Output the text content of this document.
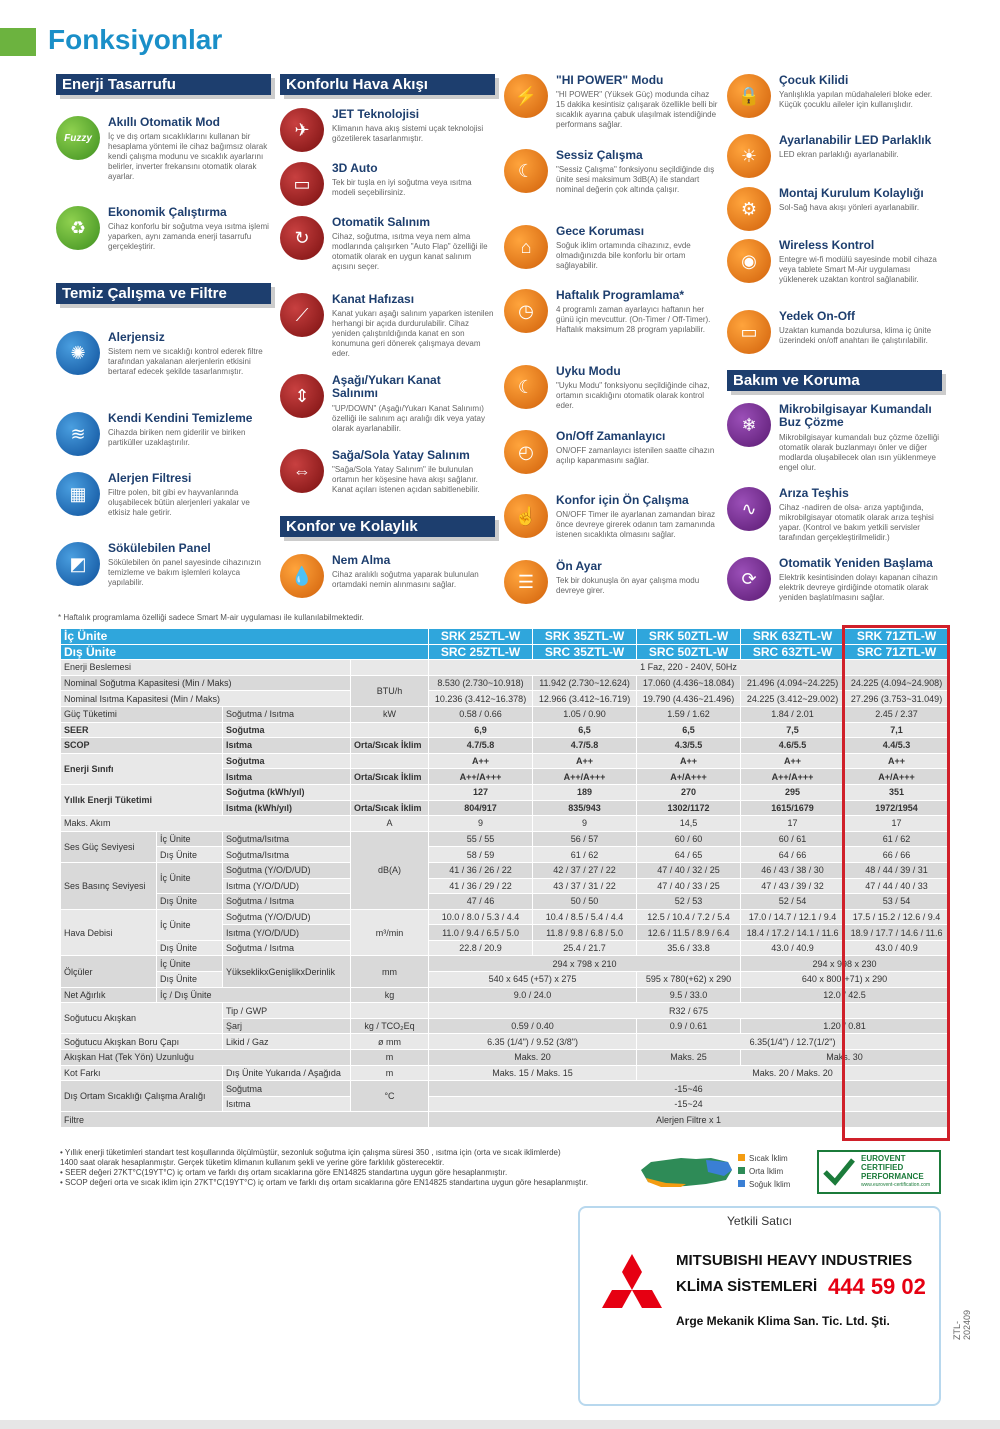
Fonksiyonlar
Enerji Tasarrufu
Fuzzy
Akıllı Otomatik Mod
İç ve dış ortam sıcaklıklarını kullanan bir hesaplama yöntemi ile cihaz bağımsız olarak kendi çalışma modunu ve sıcaklık ayarlarını belirler, inverter frekansını otomatik olarak ayarlar.
♻
Ekonomik Çalıştırma
Cihaz konforlu bir soğutma veya ısıtma işlemi yaparken, aynı zamanda enerji tasarrufu gerçekleştirir.
Temiz Çalışma ve Filtre
✺
Alerjensiz
Sistem nem ve sıcaklığı kontrol ederek filtre tarafından yakalanan alerjenlerin etkisini bertaraf edecek şekilde tasarlanmıştır.
≋
Kendi Kendini Temizleme
Cihazda biriken nem giderilir ve biriken partiküller uzaklaştırılır.
▦
Alerjen Filtresi
Filtre polen, bit gibi ev hayvanlarında oluşabilecek bütün alerjenleri yakalar ve etkisiz hale getirir.
◩
Sökülebilen Panel
Sökülebilen ön panel sayesinde cihazınızın temizleme ve bakım işlemleri kolayca yapılabilir.
Konforlu Hava Akışı
✈
JET Teknolojisi
Klimanın hava akış sistemi uçak teknolojisi gözetilerek tasarlanmıştır.
▭
3D Auto
Tek bir tuşla en iyi soğutma veya ısıtma modeli seçebilirsiniz.
↻
Otomatik Salınım
Cihaz, soğutma, ısıtma veya nem alma modlarında çalışırken "Auto Flap" özelliği ile otomatik olarak en uygun kanat salınım açısını seçer.
⟋
Kanat Hafızası
Kanat yukarı aşağı salınım yaparken istenilen herhangi bir açıda durdurulabilir. Cihaz yeniden çalıştırıldığında kanat en son konumuna geri dönerek çalışmaya devam eder.
⇕
Aşağı/Yukarı Kanat Salınımı
"UP/DOWN" (Aşağı/Yukarı Kanat Salınımı) özelliği ile salınım açı aralığı dik veya yatay olarak ayarlanabilir.
⇔
Sağa/Sola Yatay Salınım
"Sağa/Sola Yatay Salınım" ile bulunulan ortamın her köşesine hava akışı sağlanır. Kanat açıları istenen açıdan sabitlenebilir.
Konfor ve Kolaylık
💧
Nem Alma
Cihaz aralıklı soğutma yaparak bulunulan ortamdaki nemin alınmasını sağlar.
⚡
"HI POWER" Modu
"HI POWER" (Yüksek Güç) modunda cihaz 15 dakika kesintisiz çalışarak özellikle belli bir sıcaklık ayarına çabuk ulaşılmak istendiğinde performans sağlar.
☾
Sessiz Çalışma
"Sessiz Çalışma" fonksiyonu seçildiğinde dış ünite sesi maksimum 3dB(A) ile standart nominal değerin çok altında çalışır.
⌂
Gece Koruması
Soğuk iklim ortamında cihazınız, evde olmadığınızda bile konforlu bir ortam sağlayabilir.
◷
Haftalık Programlama*
4 programlı zaman ayarlayıcı haftanın her günü için mevcuttur. (On-Timer / Off-Timer). Haftalık maksimum 28 program yapılabilir.
☾
Uyku Modu
"Uyku Modu" fonksiyonu seçildiğinde cihaz, ortamın sıcaklığını otomatik olarak kontrol eder.
◴
On/Off Zamanlayıcı
ON/OFF zamanlayıcı istenilen saatte cihazın açılıp kapanmasını sağlar.
☝
Konfor için Ön Çalışma
ON/OFF Timer ile ayarlanan zamandan biraz önce devreye girerek odanın tam zamanında istenen sıcaklıkta olmasını sağlar.
☰
Ön Ayar
Tek bir dokunuşla ön ayar çalışma modu devreye girer.
🔒
Çocuk Kilidi
Yanlışlıkla yapılan müdahaleleri bloke eder. Küçük çocuklu aileler için kullanışlıdır.
☀
Ayarlanabilir LED Parlaklık
LED ekran parlaklığı ayarlanabilir.
⚙
Montaj Kurulum Kolaylığı
Sol-Sağ hava akışı yönleri ayarlanabilir.
◉
Wireless Kontrol
Entegre wi-fi modülü sayesinde mobil cihaza veya tablete Smart M-Air uygulaması yüklenerek uzaktan kontrol sağlanabilir.
▭
Yedek On-Off
Uzaktan kumanda bozulursa, klima iç ünite üzerindeki on/off anahtarı ile çalıştırılabilir.
Bakım ve Koruma
❄
Mikrobilgisayar Kumandalı Buz Çözme
Mikrobilgisayar kumandalı buz çözme özelliği otomatik olarak buzlanmayı önler ve diğer modlarda oluşabilecek olan ısın yüklenmeye engel olur.
∿
Arıza Teşhis
Cihaz -nadiren de olsa- arıza yaptığında, mikrobilgisayar otomatik olarak arıza teşhisi yapar. (Kontrol ve bakım yetkili servisler tarafından gerçekleştirilmelidir.)
⟳
Otomatik Yeniden Başlama
Elektrik kesintisinden dolayı kapanan cihazın elektrik devreye girdiğinde otomatik olarak yeniden başlatılmasını sağlar.
* Haftalık programlama özelliği sadece Smart M-air uygulaması ile kullanılabilmektedir.
İç Ünite				SRK 25ZTL-W	SRK 35ZTL-W	SRK 50ZTL-W	SRK 63ZTL-W	SRK 71ZTL-W
Dış Ünite				SRC 25ZTL-W	SRC 35ZTL-W	SRC 50ZTL-W	SRC 63ZTL-W	SRC 71ZTL-W
Enerji Beslemesi				1 Faz, 220 - 240V, 50Hz				
Nominal Soğutma Kapasitesi (Min / Maks)			BTU/h	8.530 (2.730~10.918)	11.942 (2.730~12.624)	17.060 (4.436~18.084)	21.496 (4.094~24.225)	24.225 (4.094~24.908)
Nominal Isıtma Kapasitesi (Min / Maks)				10.236 (3.412~16.378)	12.966 (3.412~16.719)	19.790 (4.436~21.496)	24.225 (3.412~29.002)	27.296 (3.753~31.049)
Güç Tüketimi		Soğutma / Isıtma	kW	0.58 / 0.66	1.05 / 0.90	1.59 / 1.62	1.84 / 2.01	2.45 / 2.37
SEER		Soğutma		6,9	6,5	6,5	7,5	7,1
SCOP		Isıtma	Orta/Sıcak İklim	4.7/5.8	4.7/5.8	4.3/5.5	4.6/5.5	4.4/5.3
Enerji Sınıfı		Soğutma		A++	A++	A++	A++	A++
		Isıtma	Orta/Sıcak İklim	A++/A+++	A++/A+++	A+/A+++	A++/A+++	A+/A+++
Yıllık Enerji Tüketimi		Soğutma (kWh/yıl)		127	189	270	295	351
		Isıtma (kWh/yıl)	Orta/Sıcak İklim	804/917	835/943	1302/1172	1615/1679	1972/1954
Maks. Akım			A	9	9	14,5	17	17
Ses Güç Seviyesi	İç Ünite	Soğutma/Isıtma	dB(A)	55 / 55	56 / 57	60 / 60	60 / 61	61 / 62
	Dış Ünite	Soğutma/Isıtma		58 / 59	61 / 62	64 / 65	64 / 66	66 / 66
Ses Basınç Seviyesi	İç Ünite	Soğutma (Y/O/D/UD)		41 / 36 / 26 / 22	42 / 37 / 27 / 22	47 / 40 / 32 / 25	46 / 43 / 38 / 30	48 / 44 / 39 / 31
		Isıtma (Y/O/D/UD)		41 / 36 / 29 / 22	43 / 37 / 31 / 22	47 / 40 / 33 / 25	47 / 43 / 39 / 32	47 / 44 / 40 / 33
	Dış Ünite	Soğutma / Isıtma		47 / 46	50 / 50	52 / 53	52 / 54	53 / 54
Hava Debisi	İç Ünite	Soğutma (Y/O/D/UD)	m³/min	10.0 / 8.0 / 5.3 / 4.4	10.4 / 8.5 / 5.4 / 4.4	12.5 / 10.4 / 7.2 / 5.4	17.0 / 14.7 / 12.1 / 9.4	17.5 / 15.2 / 12.6 / 9.4
		Isıtma (Y/O/D/UD)		11.0 / 9.4 / 6.5 / 5.0	11.8 / 9.8 / 6.8 / 5.0	12.6 / 11.5 / 8.9 / 6.4	18.4 / 17.2 / 14.1 / 11.6	18.9 / 17.7 / 14.6 / 11.6
	Dış Ünite	Soğutma / Isıtma		22.8 / 20.9	25.4 / 21.7	35.6 / 33.8	43.0 / 40.9	43.0 / 40.9
Ölçüler	İç Ünite	YükseklikxGenişlikxDerinlik	mm	294 x 798 x 210			294 x 998 x 230	
	Dış Ünite			540 x 645 (+57) x 275		595 x 780(+62) x 290	640 x 800(+71) x 290	
Net Ağırlık	İç / Dış Ünite		kg	9.0 / 24.0		9.5 / 33.0	12.0 / 42.5	
Soğutucu Akışkan		Tip / GWP		R32 / 675				
		Şarj	kg / TCO₂Eq	0.59 / 0.40		0.9 / 0.61	1.20 / 0.81	
Soğutucu Akışkan Boru Çapı		Likid / Gaz	ø mm	6.35 (1/4") / 9.52 (3/8")		6.35(1/4") / 12.7(1/2")		
Akışkan Hat (Tek Yön) Uzunluğu			m	Maks. 20		Maks. 25	Maks. 30	
Kot Farkı		Dış Ünite Yukarıda / Aşağıda	m	Maks. 15 / Maks. 15		Maks. 20 / Maks. 20		
Dış Ortam Sıcaklığı Çalışma Aralığı		Soğutma	°C	-15~46				
		Isıtma		-15~24				
Filtre				Alerjen Filtre x 1				
• Yıllık enerji tüketimleri standart test koşullarında ölçülmüştür, sezonluk soğutma için çalışma süresi 350 , ısıtma için (orta ve sıcak iklimlerde)
1400 saat olarak hesaplanmıştır. Gerçek tüketim klimanın kullanım şekli ve yerine göre farklılık gösterecektir.
• SEER değeri 27KT°C(19YT°C) iç ortam ve farklı dış ortam sıcaklarına göre EN14825 standartına uygun göre hesaplanmıştır.
• SCOP değeri orta ve sıcak iklim için 27KT°C(19YT°C) iç ortam ve farklı dış ortam sıcaklarına göre EN14825 standartına uygun göre hesaplanmıştır.
Sıcak İklim
Orta İklim
Soğuk İklim
EUROVENT
CERTIFIED
PERFORMANCE
www.eurovent-certification.com
Yetkili Satıcı
MITSUBISHI HEAVY INDUSTRIES
KLİMA SİSTEMLERİ 444 59 02
Arge Mekanik Klima San. Tic. Ltd. Şti.	ZTL-202409
